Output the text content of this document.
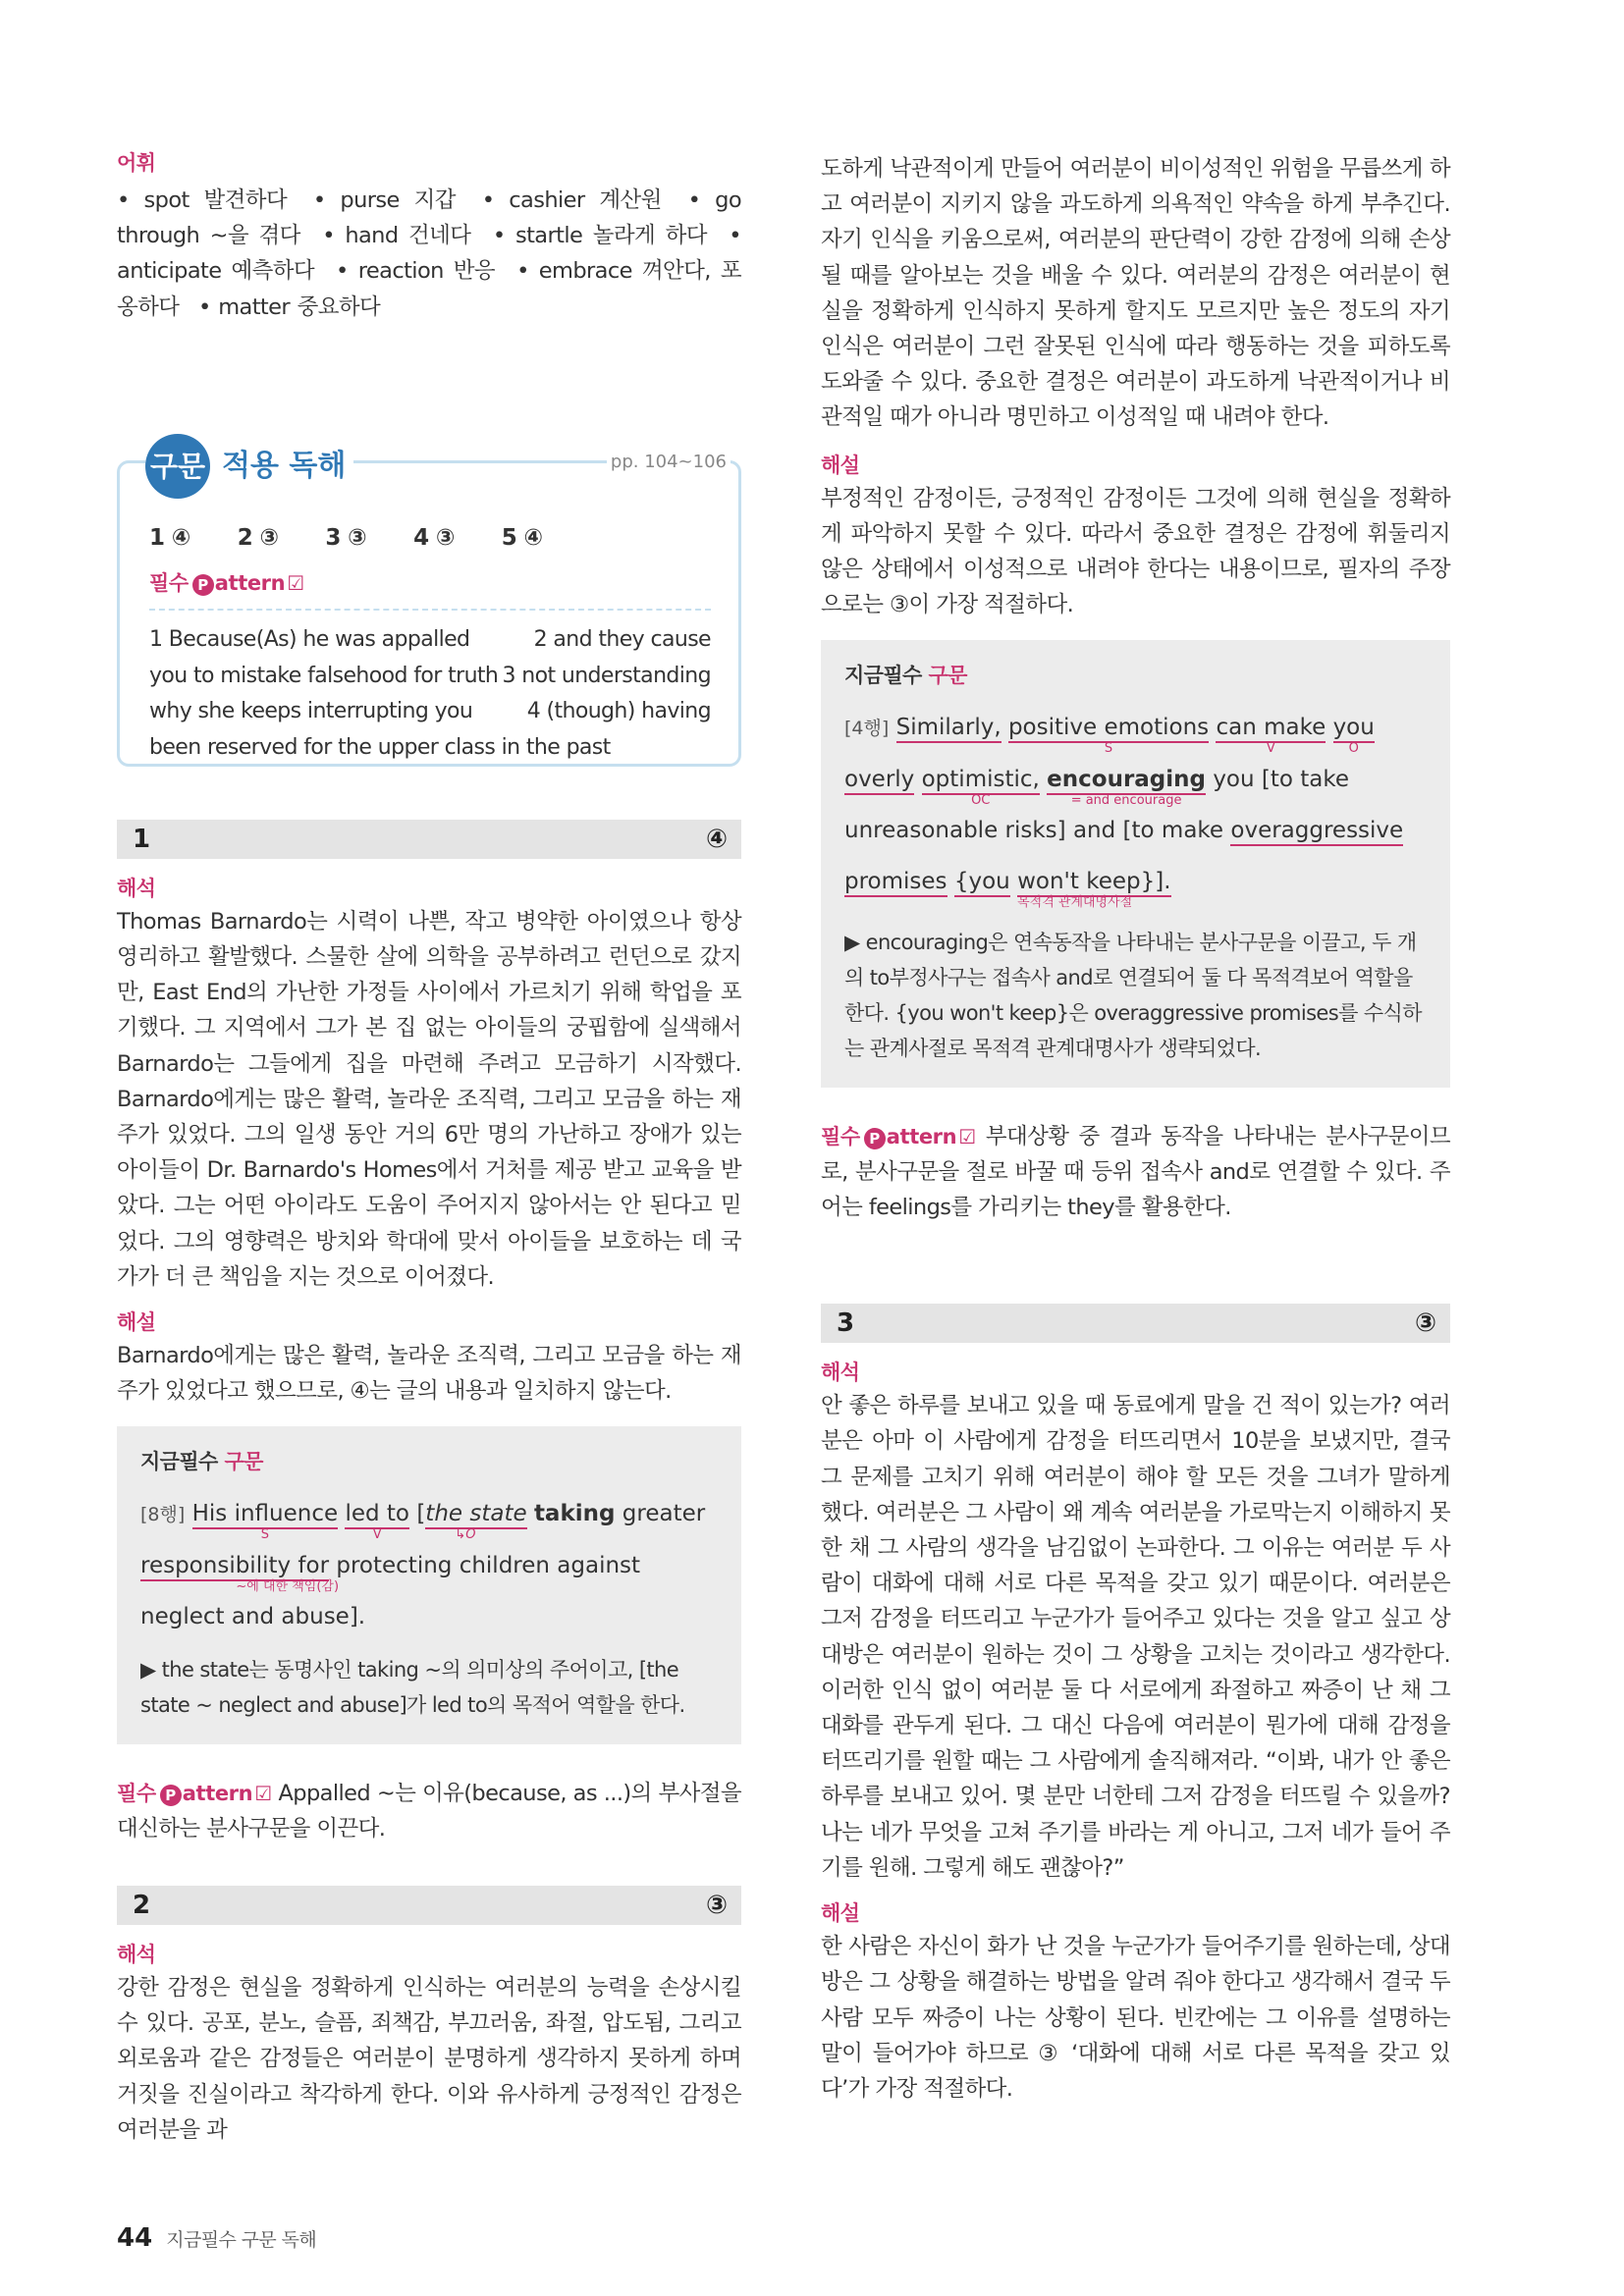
어휘
• spot 발견하다 • purse 지갑 • cashier 계산원 • go through ~을 겪다 • hand 건네다 • startle 놀라게 하다 • anticipate 예측하다 • reaction 반응 • embrace 껴안다, 포옹하다 • matter 중요하다
구문 적용 독해	pp. 104~106
1 ④ 2 ③ 3 ③ 4 ③ 5 ④
필수 P attern ☑
1 Because(As) he was appalled	2 and they cause
you to mistake falsehood for truth 3 not understanding
why she keeps interrupting you	4 (though) having
been reserved for the upper class in the past
1	④
해석
Thomas Barnardo는 시력이 나쁜, 작고 병약한 아이였으나 항상 영리하고 활발했다. 스물한 살에 의학을 공부하려고 런던으로 갔지만, East End의 가난한 가정들 사이에서 가르치기 위해 학업을 포기했다. 그 지역에서 그가 본 집 없는 아이들의 궁핍함에 실색해서 Barnardo는 그들에게 집을 마련해 주려고 모금하기 시작했다. Barnardo에게는 많은 활력, 놀라운 조직력, 그리고 모금을 하는 재주가 있었다. 그의 일생 동안 거의 6만 명의 가난하고 장애가 있는 아이들이 Dr. Barnardo's Homes에서 거처를 제공 받고 교육을 받았다. 그는 어떤 아이라도 도움이 주어지지 않아서는 안 된다고 믿었다. 그의 영향력은 방치와 학대에 맞서 아이들을 보호하는 데 국가가 더 큰 책임을 지는 것으로 이어졌다.
해설
Barnardo에게는 많은 활력, 놀라운 조직력, 그리고 모금을 하는 재주가 있었다고 했으므로, ④는 글의 내용과 일치하지 않는다.
지금필수 구문
[8행] His influence
S
led to
V
[the state
↳O
taking greater responsibility for
~에 대한 책임(감)
protecting children against neglect and abuse].
▶ the state는 동명사인 taking ~의 의미상의 주어이고, [the state ~ neglect and abuse]가 led to의 목적어 역할을 한다.
필수 P attern ☑ Appalled ~는 이유(because, as ...)의 부사절을 대신하는 분사구문을 이끈다.
2	③
해석
강한 감정은 현실을 정확하게 인식하는 여러분의 능력을 손상시킬 수 있다. 공포, 분노, 슬픔, 죄책감, 부끄러움, 좌절, 압도됨, 그리고 외로움과 같은 감정들은 여러분이 분명하게 생각하지 못하게 하며 거짓을 진실이라고 착각하게 한다. 이와 유사하게 긍정적인 감정은 여러분을 과
도하게 낙관적이게 만들어 여러분이 비이성적인 위험을 무릅쓰게 하고 여러분이 지키지 않을 과도하게 의욕적인 약속을 하게 부추긴다. 자기 인식을 키움으로써, 여러분의 판단력이 강한 감정에 의해 손상될 때를 알아보는 것을 배울 수 있다. 여러분의 감정은 여러분이 현실을 정확하게 인식하지 못하게 할지도 모르지만 높은 정도의 자기 인식은 여러분이 그런 잘못된 인식에 따라 행동하는 것을 피하도록 도와줄 수 있다. 중요한 결정은 여러분이 과도하게 낙관적이거나 비관적일 때가 아니라 명민하고 이성적일 때 내려야 한다.
해설
부정적인 감정이든, 긍정적인 감정이든 그것에 의해 현실을 정확하게 파악하지 못할 수 있다. 따라서 중요한 결정은 감정에 휘둘리지 않은 상태에서 이성적으로 내려야 한다는 내용이므로, 필자의 주장으로는 ③이 가장 적절하다.
지금필수 구문
[4행] Similarly, positive emotions
S
can make
V
you
O
overly optimistic,
OC
encouraging
= and encourage
you [to take unreasonable risks] and [to make overaggressive promises {you won't keep}].
목적격 관계대명사절
▶ encouraging은 연속동작을 나타내는 분사구문을 이끌고, 두 개의 to부정사구는 접속사 and로 연결되어 둘 다 목적격보어 역할을 한다. {you won't keep}은 overaggressive promises를 수식하는 관계사절로 목적격 관계대명사가 생략되었다.
필수 P attern ☑ 부대상황 중 결과 동작을 나타내는 분사구문이므로, 분사구문을 절로 바꿀 때 등위 접속사 and로 연결할 수 있다. 주어는 feelings를 가리키는 they를 활용한다.
3	③
해석
안 좋은 하루를 보내고 있을 때 동료에게 말을 건 적이 있는가? 여러분은 아마 이 사람에게 감정을 터뜨리면서 10분을 보냈지만, 결국 그 문제를 고치기 위해 여러분이 해야 할 모든 것을 그녀가 말하게 했다. 여러분은 그 사람이 왜 계속 여러분을 가로막는지 이해하지 못한 채 그 사람의 생각을 남김없이 논파한다. 그 이유는 여러분 두 사람이 대화에 대해 서로 다른 목적을 갖고 있기 때문이다. 여러분은 그저 감정을 터뜨리고 누군가가 들어주고 있다는 것을 알고 싶고 상대방은 여러분이 원하는 것이 그 상황을 고치는 것이라고 생각한다. 이러한 인식 없이 여러분 둘 다 서로에게 좌절하고 짜증이 난 채 그 대화를 관두게 된다. 그 대신 다음에 여러분이 뭔가에 대해 감정을 터뜨리기를 원할 때는 그 사람에게 솔직해져라. “이봐, 내가 안 좋은 하루를 보내고 있어. 몇 분만 너한테 그저 감정을 터뜨릴 수 있을까? 나는 네가 무엇을 고쳐 주기를 바라는 게 아니고, 그저 네가 들어 주기를 원해. 그렇게 해도 괜찮아?”
해설
한 사람은 자신이 화가 난 것을 누군가가 들어주기를 원하는데, 상대방은 그 상황을 해결하는 방법을 알려 줘야 한다고 생각해서 결국 두 사람 모두 짜증이 나는 상황이 된다. 빈칸에는 그 이유를 설명하는 말이 들어가야 하므로 ③ ‘대화에 대해 서로 다른 목적을 갖고 있다’가 가장 적절하다.
44 지금필수 구문 독해
